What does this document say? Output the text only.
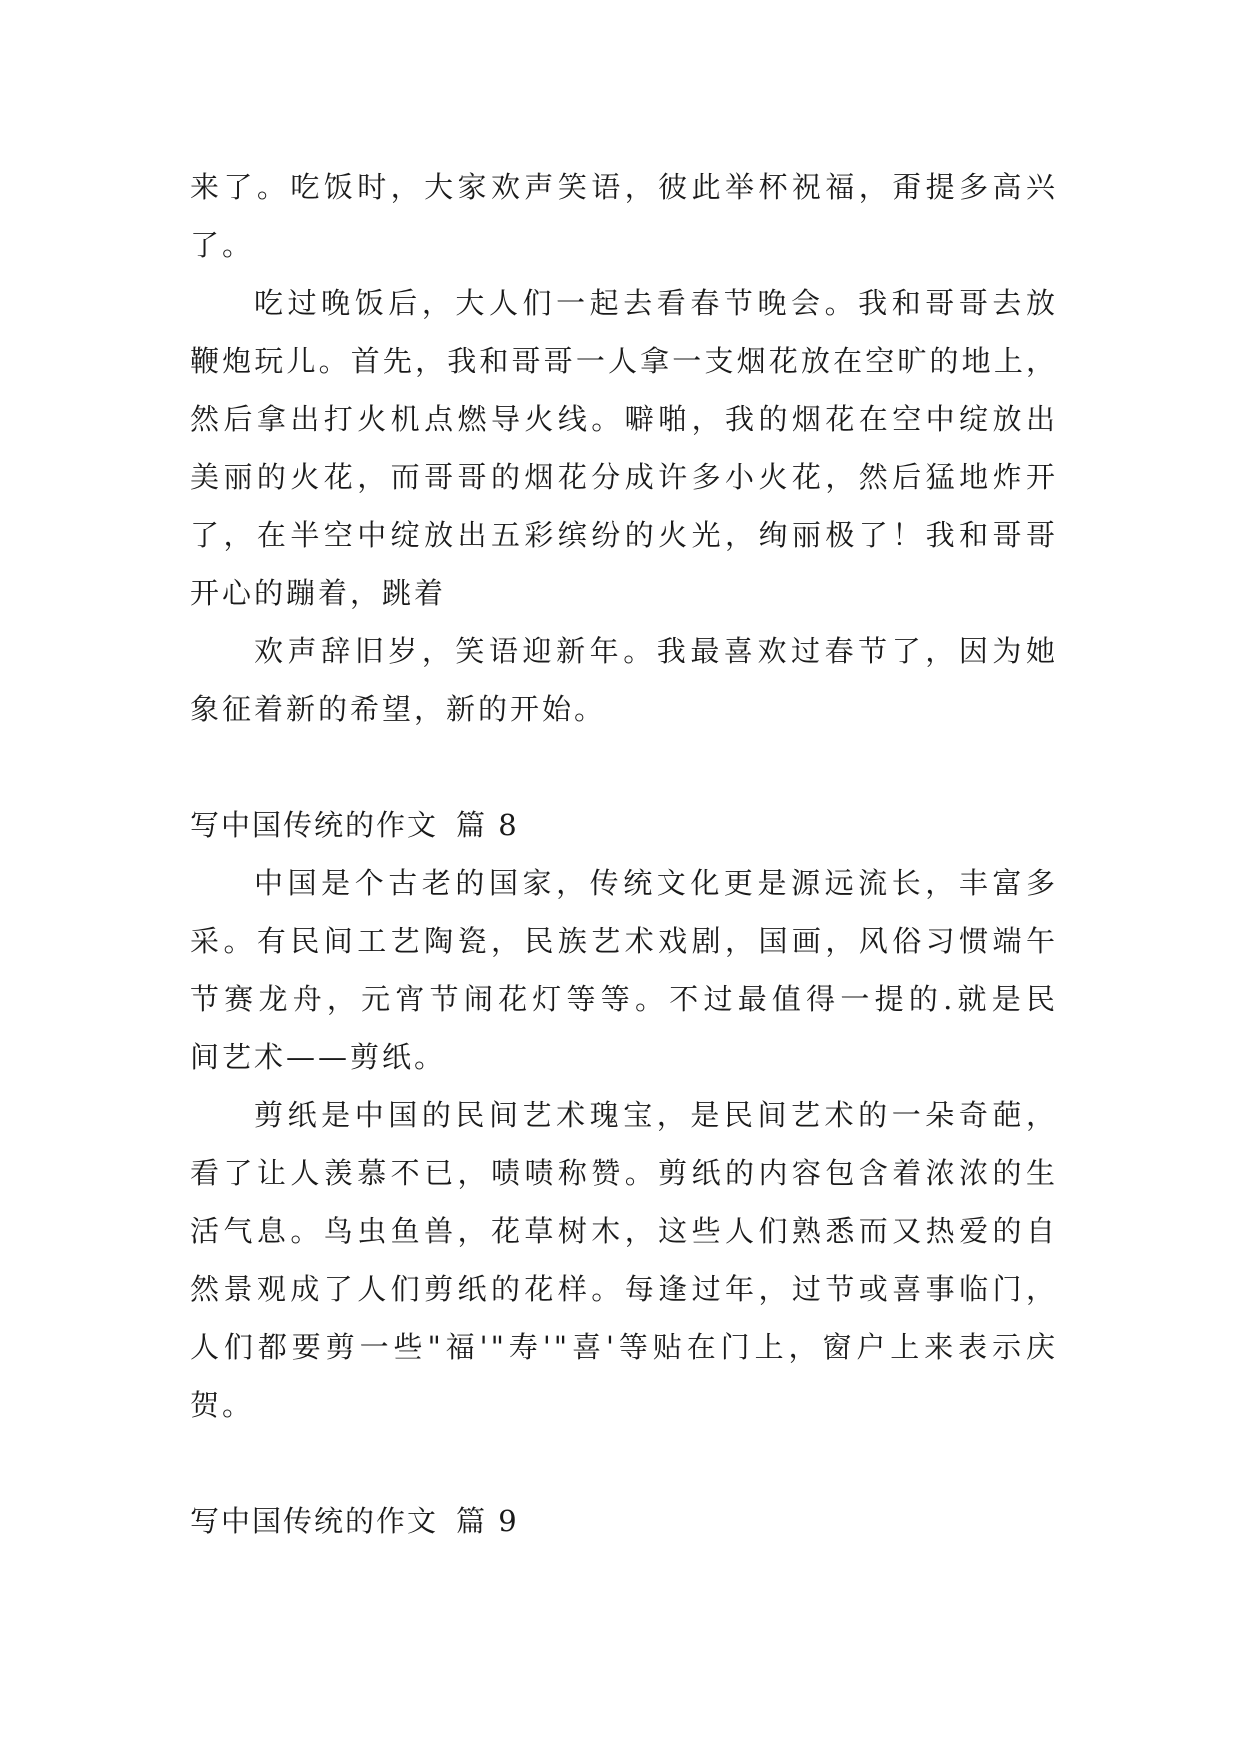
来了。吃饭时，大家欢声笑语，彼此举杯祝福，甭提多高兴
了。
吃过晚饭后，大人们一起去看春节晚会。我和哥哥去放
鞭炮玩儿。首先，我和哥哥一人拿一支烟花放在空旷的地上，
然后拿出打火机点燃导火线。噼啪，我的烟花在空中绽放出
美丽的火花，而哥哥的烟花分成许多小火花，然后猛地炸开
了，在半空中绽放出五彩缤纷的火光，绚丽极了！我和哥哥
开心的蹦着，跳着
欢声辞旧岁，笑语迎新年。我最喜欢过春节了，因为她
象征着新的希望，新的开始。
写中国传统的作文 篇 8
中国是个古老的国家，传统文化更是源远流长，丰富多
采。有民间工艺陶瓷，民族艺术戏剧，国画，风俗习惯端午
节赛龙舟，元宵节闹花灯等等。不过最值得一提的.就是民
间艺术——剪纸。
剪纸是中国的民间艺术瑰宝，是民间艺术的一朵奇葩，
看了让人羡慕不已，啧啧称赞。剪纸的内容包含着浓浓的生
活气息。鸟虫鱼兽，花草树木，这些人们熟悉而又热爱的自
然景观成了人们剪纸的花样。每逢过年，过节或喜事临门，
人们都要剪一些"福'"寿'"喜'等贴在门上，窗户上来表示庆
贺。
写中国传统的作文 篇 9
